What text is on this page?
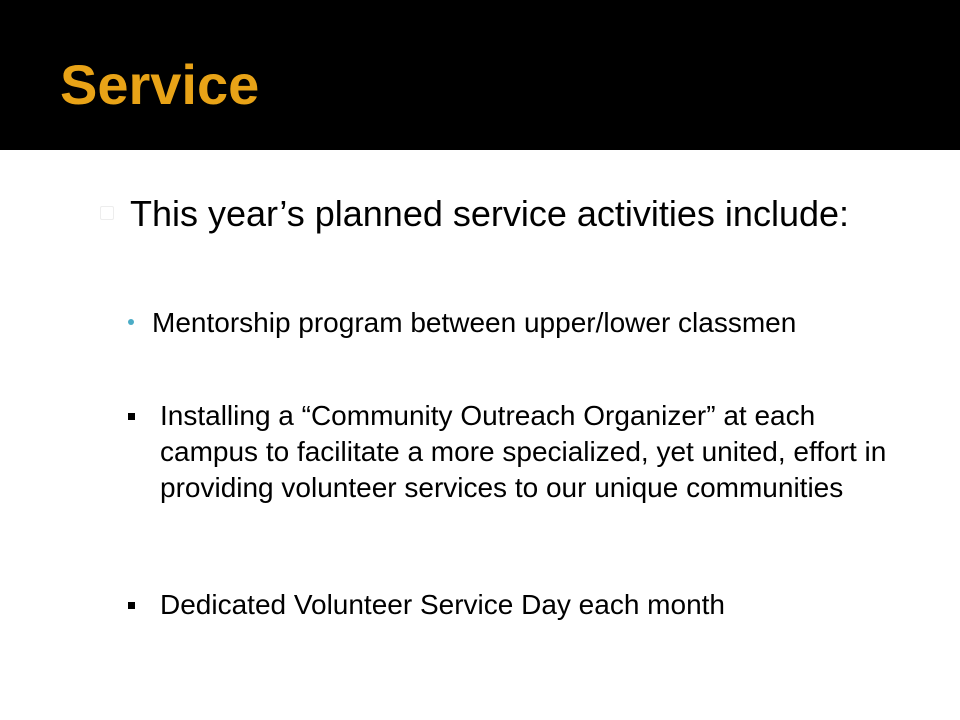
Service
This year’s planned service activities include:
Mentorship program between upper/lower classmen
Installing a “Community Outreach Organizer” at each campus to facilitate a more specialized, yet united, effort in providing volunteer services to our unique communities
Dedicated Volunteer Service Day each month
